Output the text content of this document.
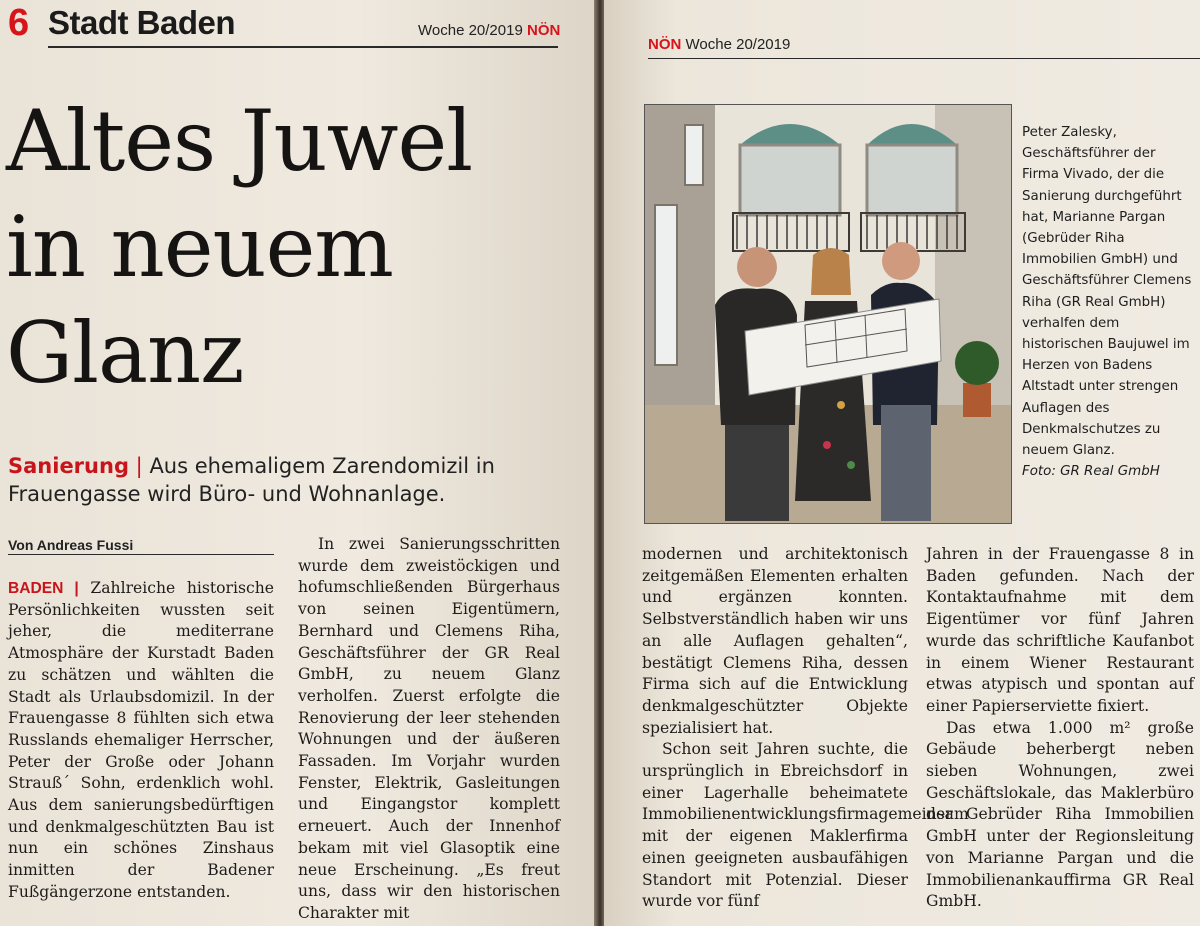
6 Stadt Baden	Woche 20/2019 NÖN
Altes Juwel
in neuem
Glanz
Sanierung | Aus ehemaligem Zarendomizil in Frauengasse wird Büro- und Wohnanlage.
Von Andreas Fussi

BADEN | Zahlreiche historische Persönlichkeiten wussten seit jeher, die mediterrane Atmosphäre der Kurstadt Baden zu schätzen und wählten die Stadt als Urlaubsdomizil. In der Frauengasse 8 fühlten sich etwa Russlands ehemaliger Herrscher, Peter der Große oder Johann Strauß´ Sohn, erdenklich wohl. Aus dem sanierungsbedürftigen und denkmalgeschützten Bau ist nun ein schönes Zinshaus inmitten der Badener Fußgängerzone entstanden.

In zwei Sanierungsschritten wurde dem zweistöckigen und hofumschließenden Bürgerhaus von seinen Eigentümern, Bernhard und Clemens Riha, Geschäftsführer der GR Real GmbH, zu neuem Glanz verholfen. Zuerst erfolgte die Renovierung der leer stehenden Wohnungen und der äußeren Fassaden. Im Vorjahr wurden Fenster, Elektrik, Gasleitungen und Eingangstor komplett erneuert. Auch der Innenhof bekam mit viel Glasoptik eine neue Erscheinung. „Es freut uns, dass wir den historischen Charakter mit

NÖN Woche 20/2019
Peter Zalesky, Geschäftsführer der Firma Vivado, der die Sanierung durchgeführt hat, Marianne Pargan (Gebrüder Riha Immobilien GmbH) und Geschäftsführer Clemens Riha (GR Real GmbH) verhalfen dem historischen Baujuwel im Herzen von Badens Altstadt unter strengen Auflagen des Denkmalschutzes zu neuem Glanz.
Foto: GR Real GmbH

modernen und architektonisch zeitgemäßen Elementen erhalten und ergänzen konnten. Selbstverständlich haben wir uns an alle Auflagen gehalten“, bestätigt Clemens Riha, dessen Firma sich auf die Entwicklung denkmalgeschützter Objekte spezialisiert hat.

Schon seit Jahren suchte, die ursprünglich in Ebreichsdorf in einer Lagerhalle beheimatete Immobilienentwicklungsfirmagemeinsam mit der eigenen Maklerfirma einen geeigneten ausbaufähigen Standort mit Potenzial. Dieser wurde vor fünf

Jahren in der Frauengasse 8 in Baden gefunden. Nach der Kontaktaufnahme mit dem Eigentümer vor fünf Jahren wurde das schriftliche Kaufanbot in einem Wiener Restaurant etwas atypisch und spontan auf einer Papierserviette fixiert.

Das etwa 1.000 m² große Gebäude beherbergt neben sieben Wohnungen, zwei Geschäftslokale, das Maklerbüro der Gebrüder Riha Immobilien GmbH unter der Regionsleitung von Marianne Pargan und die Immobilienankauffirma GR Real GmbH.
